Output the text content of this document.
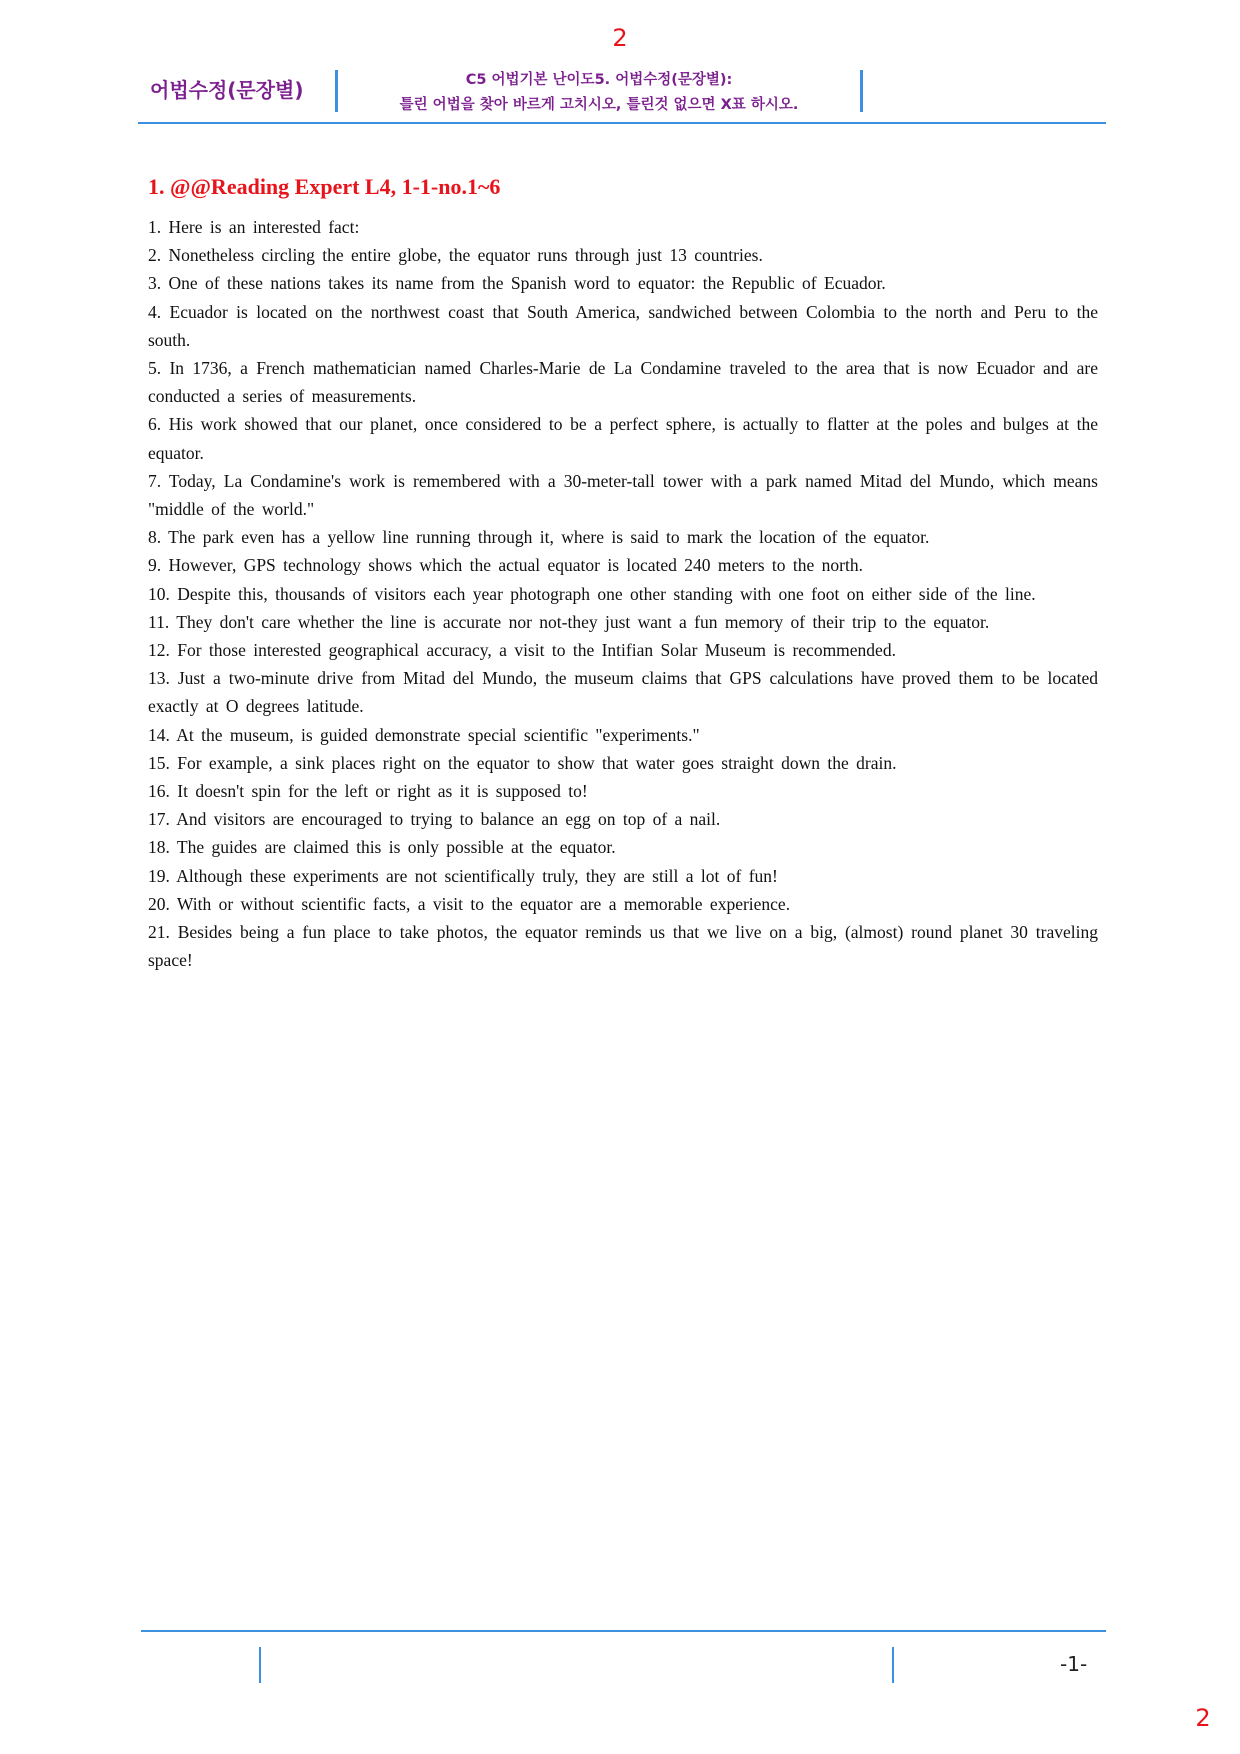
2
어법수정(문장별)	C5 어법기본 난이도5. 어법수정(문장별):
틀린 어법을 찾아 바르게 고치시오, 틀린것 없으면 X표 하시오.
1. @@Reading Expert L4, 1-1-no.1~6

1. Here is an interested fact:

2. Nonetheless circling the entire globe, the equator runs through just 13 countries.

3. One of these nations takes its name from the Spanish word to equator: the Republic of Ecuador.

4. Ecuador is located on the northwest coast that South America, sandwiched between Colombia to the north and Peru to the south.

5. In 1736, a French mathematician named Charles-Marie de La Condamine traveled to the area that is now Ecuador and are conducted a series of measurements.

6. His work showed that our planet, once considered to be a perfect sphere, is actually to flatter at the poles and bulges at the equator.

7. Today, La Condamine's work is remembered with a 30-meter-tall tower with a park named Mitad del Mundo, which means "middle of the world."

8. The park even has a yellow line running through it, where is said to mark the location of the equator.

9. However, GPS technology shows which the actual equator is located 240 meters to the north.

10. Despite this, thousands of visitors each year photograph one other standing with one foot on either side of the line.

11. They don't care whether the line is accurate nor not-they just want a fun memory of their trip to the equator.

12. For those interested geographical accuracy, a visit to the Intifian Solar Museum is recommended.

13. Just a two-minute drive from Mitad del Mundo, the museum claims that GPS calculations have proved them to be located exactly at O degrees latitude.

14. At the museum, is guided demonstrate special scientific "experiments."

15. For example, a sink places right on the equator to show that water goes straight down the drain.

16. It doesn't spin for the left or right as it is supposed to!

17. And visitors are encouraged to trying to balance an egg on top of a nail.

18. The guides are claimed this is only possible at the equator.

19. Although these experiments are not scientifically truly, they are still a lot of fun!

20. With or without scientific facts, a visit to the equator are a memorable experience.

21. Besides being a fun place to take photos, the equator reminds us that we live on a big, (almost) round planet 30 traveling space!

-1-
2
